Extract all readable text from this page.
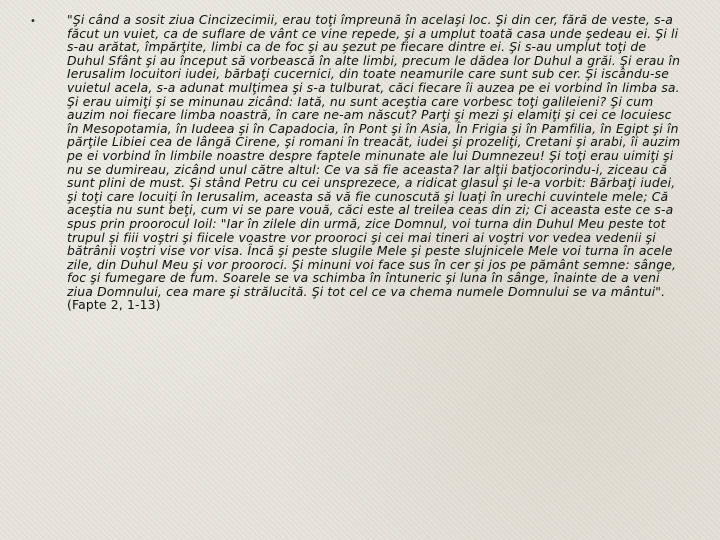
•	"Şi când a sosit ziua Cincizecimii, erau toţi împreună în acelaşi loc. Şi din cer, fără de veste, s-a făcut un vuiet, ca de suflare de vânt ce vine repede, şi a umplut toată casa unde şedeau ei. Şi li s-au arătat, împărţite, limbi ca de foc şi au şezut pe fiecare dintre ei. Şi s-au umplut toţi de Duhul Sfânt şi au început să vorbească în alte limbi, precum le dădea lor Duhul a grăi. Şi erau în Ierusalim locuitori iudei, bărbaţi cucernici, din toate neamurile care sunt sub cer. Şi iscându-se vuietul acela, s-a adunat mulţimea şi s-a tulburat, căci fiecare îi auzea pe ei vorbind în limba sa. Şi erau uimiţi şi se minunau zicând: Iată, nu sunt aceştia care vorbesc toţi galileieni? Şi cum auzim noi fiecare limba noastră, în care ne-am născut? Parţi şi mezi şi elamiţi şi cei ce locuiesc în Mesopotamia, în Iudeea şi în Capadocia, în Pont şi în Asia, În Frigia şi în Pamfilia, în Egipt şi în părţile Libiei cea de lângă Cirene, şi romani în treacăt, iudei şi prozeliţi, Cretani şi arabi, îi auzim pe ei vorbind în limbile noastre despre faptele minunate ale lui Dumnezeu! Şi toţi erau uimiţi şi nu se dumireau, zicând unul către altul: Ce va să fie aceasta? Iar alţii batjocorindu-i, ziceau că sunt plini de must. Şi stând Petru cu cei unsprezece, a ridicat glasul şi le-a vorbit: Bărbaţi iudei, şi toţi care locuiţi în Ierusalim, aceasta să vă fie cunoscută şi luaţi în urechi cuvintele mele; Că aceştia nu sunt beţi, cum vi se pare vouă, căci este al treilea ceas din zi; Ci aceasta este ce s-a spus prin proorocul Ioil: "Iar în zilele din urmă, zice Domnul, voi turna din Duhul Meu peste tot trupul şi fiii voştri şi fiicele voastre vor prooroci şi cei mai tineri ai voştri vor vedea vedenii şi bătrânii voştri vise vor visa. Încă şi peste slugile Mele şi peste slujnicele Mele voi turna în acele zile, din Duhul Meu şi vor prooroci. Şi minuni voi face sus în cer şi jos pe pământ semne: sânge, foc şi fumegare de fum. Soarele se va schimba în întuneric şi luna în sânge, înainte de a veni ziua Domnului, cea mare şi strălucită. Şi tot cel ce va chema numele Domnului se va mântui". (Fapte 2, 1-13)
